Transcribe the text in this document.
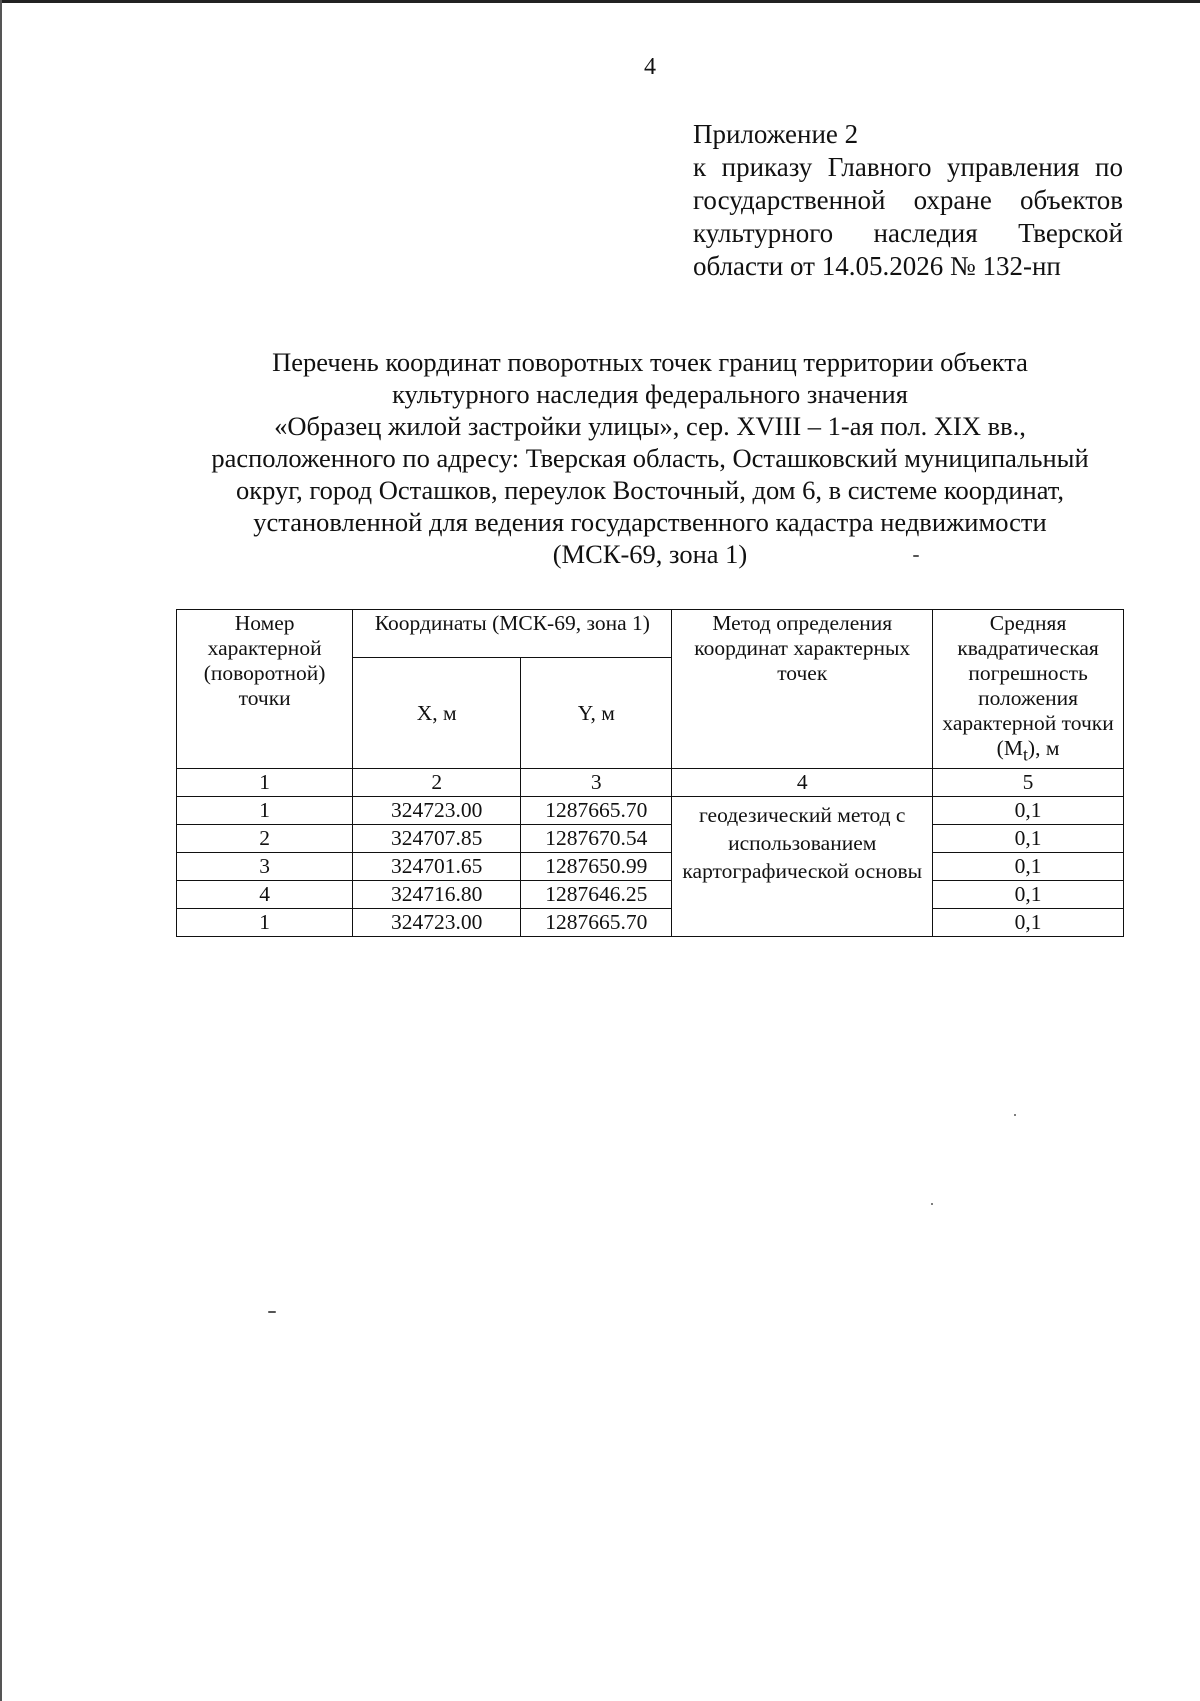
4
Приложение 2
к приказу Главного управления по
государственной охране объектов
культурного наследия Тверской
области от 14.05.2026 № 132-нп
Перечень координат поворотных точек границ территории объекта
культурного наследия федерального значения
«Образец жилой застройки улицы», сер. XVIII – 1-ая пол. XIX вв.,
расположенного по адресу: Тверская область, Осташковский муниципальный
округ, город Осташков, переулок Восточный, дом 6, в системе координат,
установленной для ведения государственного кадастра недвижимости
(МСК-69, зона 1)
Номер характерной (поворотной) точки	Координаты (МСК-69, зона 1)		Метод определения координат характерных точек	Средняя квадратическая погрешность положения характерной точки $(M_t)$, м
	X, м	Y, м		
1	2	3	4	5
1	324723.00	1287665.70	геодезический метод с использованием картографической основы	0,1
2	324707.85	1287670.54		0,1
3	324701.65	1287650.99		0,1
4	324716.80	1287646.25		0,1
1	324723.00	1287665.70		0,1
